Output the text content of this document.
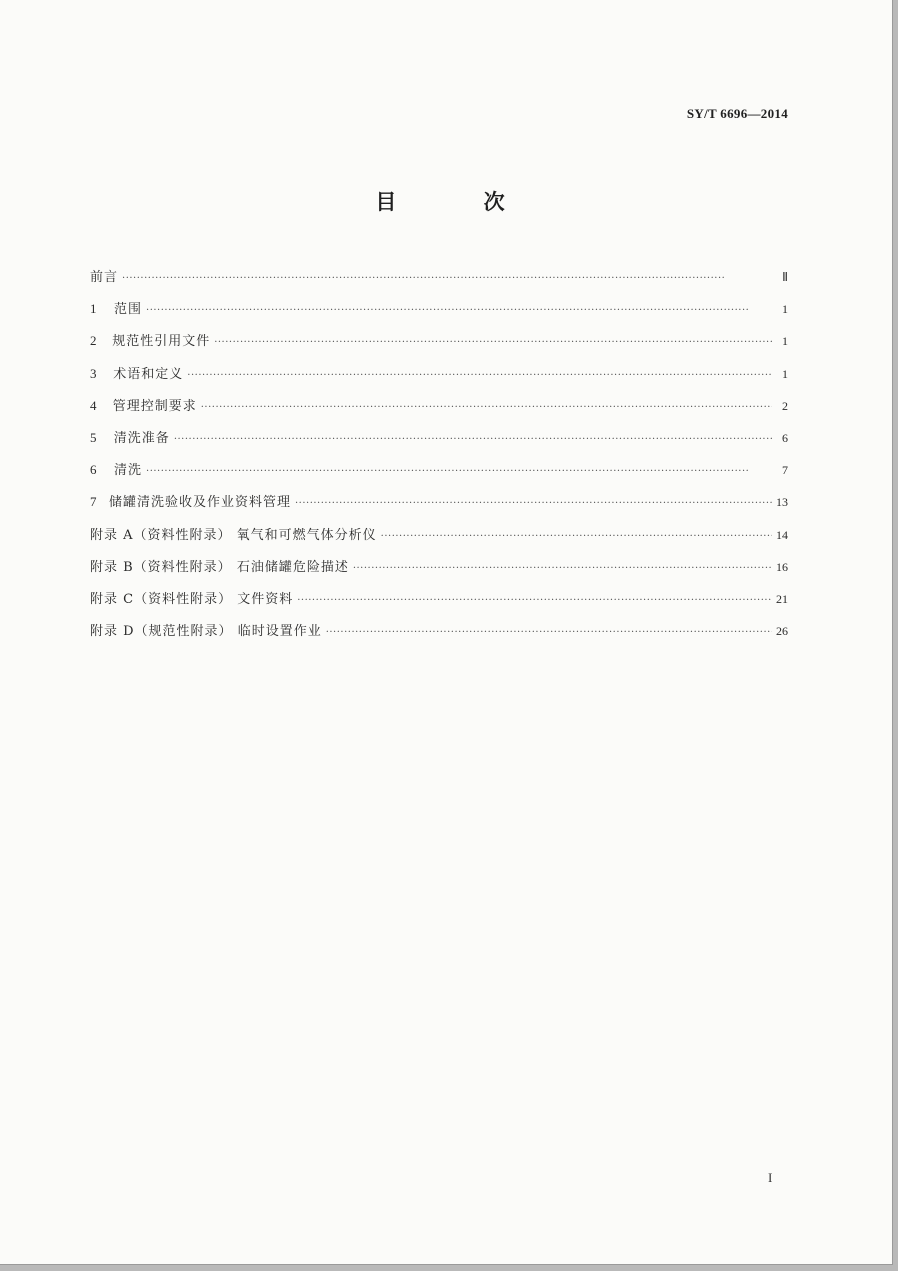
SY/T 6696—2014
目 次
前言 ·····	Ⅱ
1	范围 ·····	1
2	规范性引用文件 ·····	1
3	术语和定义 ·····	1
4	管理控制要求 ·····	2
5	清洗准备 ·····	6
6	清洗 ·····	7
7 储罐清洗验收及作业资料管理 ·····	13
附录 A（资料性附录） 氧气和可燃气体分析仪 ·····	14
附录 B（资料性附录） 石油储罐危险描述 ·····	16
附录 C（资料性附录） 文件资料 ·····	21
附录 D（规范性附录） 临时设置作业 ·····	26
I
